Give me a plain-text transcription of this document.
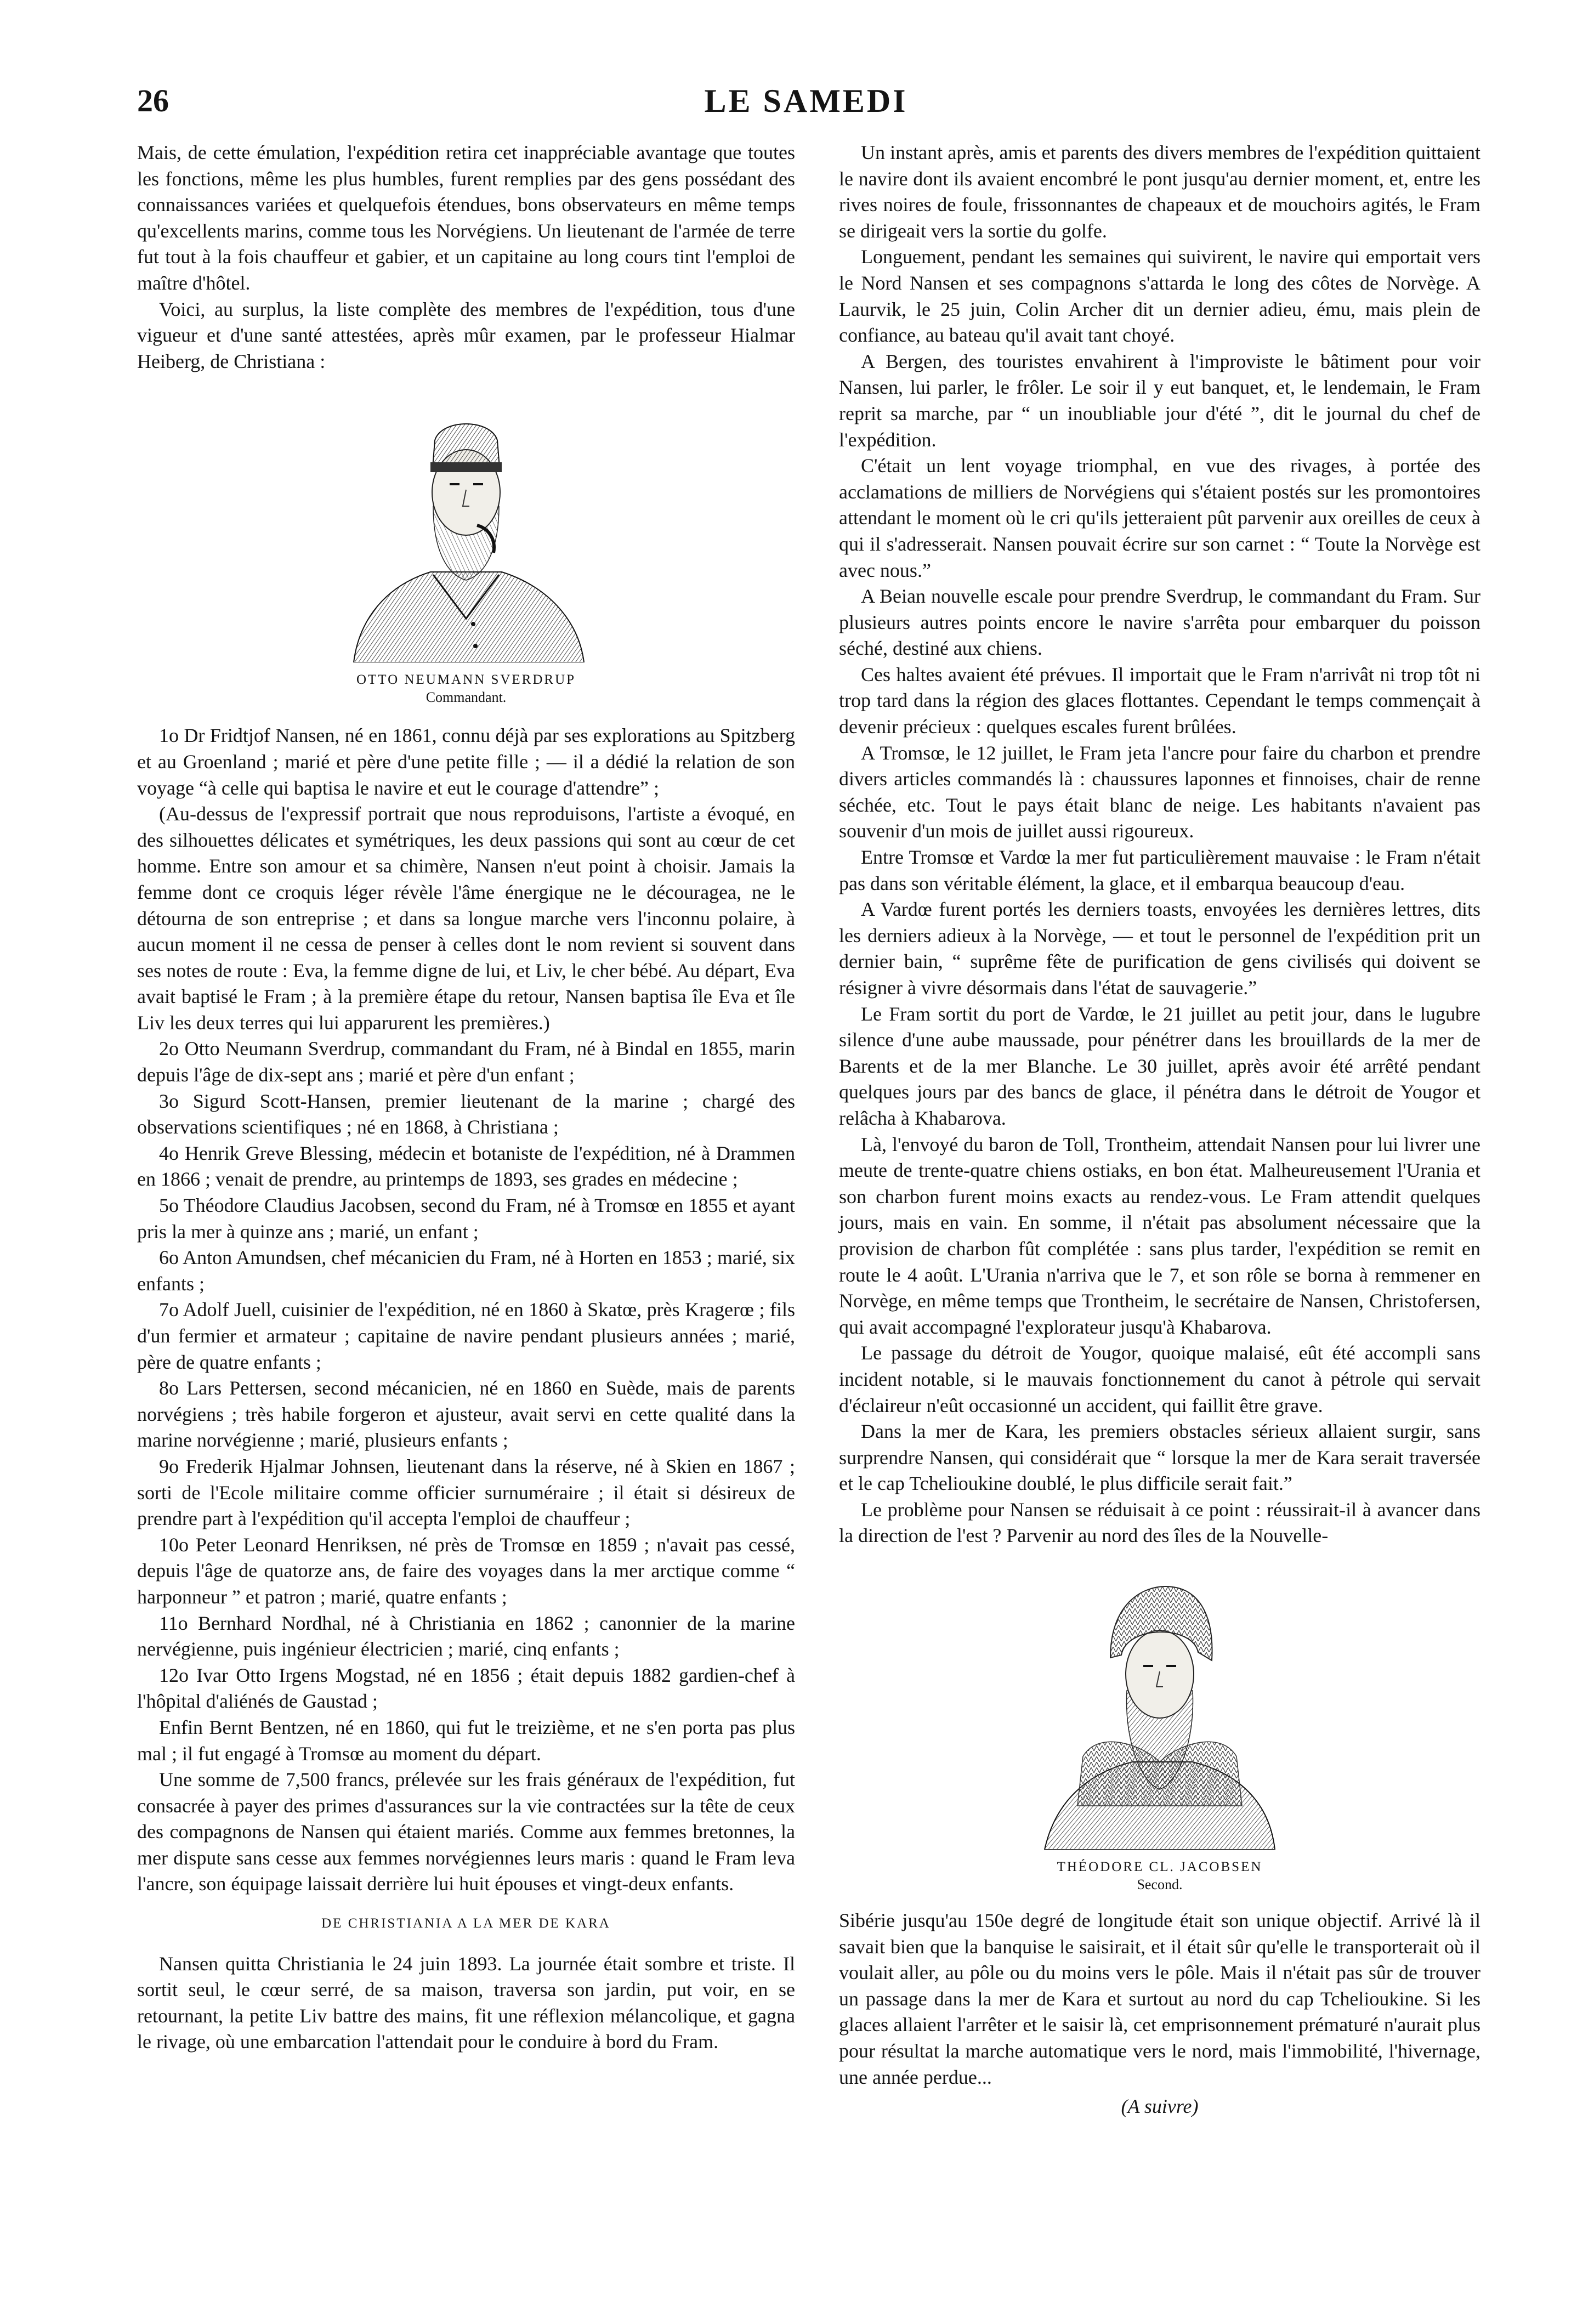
26	LE SAMEDI

Mais, de cette émulation, l'expédition retira cet inappréciable avantage que toutes les fonctions, même les plus humbles, furent remplies par des gens possédant des connaissances variées et quelquefois étendues, bons observateurs en même temps qu'excellents marins, comme tous les Norvégiens. Un lieutenant de l'armée de terre fut tout à la fois chauffeur et gabier, et un capitaine au long cours tint l'emploi de maître d'hôtel.

Voici, au surplus, la liste complète des membres de l'expédition, tous d'une vigueur et d'une santé attestées, après mûr examen, par le professeur Hialmar Heiberg, de Christiana :

OTTO NEUMANN SVERDRUP
Commandant.

1o Dr Fridtjof Nansen, né en 1861, connu déjà par ses explorations au Spitzberg et au Groenland ; marié et père d'une petite fille ; — il a dédié la relation de son voyage “à celle qui baptisa le navire et eut le courage d'attendre” ;

(Au-dessus de l'expressif portrait que nous reproduisons, l'artiste a évoqué, en des silhouettes délicates et symétriques, les deux passions qui sont au cœur de cet homme. Entre son amour et sa chimère, Nansen n'eut point à choisir. Jamais la femme dont ce croquis léger révèle l'âme énergique ne le découragea, ne le détourna de son entreprise ; et dans sa longue marche vers l'inconnu polaire, à aucun moment il ne cessa de penser à celles dont le nom revient si souvent dans ses notes de route : Eva, la femme digne de lui, et Liv, le cher bébé. Au départ, Eva avait baptisé le Fram ; à la première étape du retour, Nansen baptisa île Eva et île Liv les deux terres qui lui apparurent les premières.)

2o Otto Neumann Sverdrup, commandant du Fram, né à Bindal en 1855, marin depuis l'âge de dix-sept ans ; marié et père d'un enfant ;

3o Sigurd Scott-Hansen, premier lieutenant de la marine ; chargé des observations scientifiques ; né en 1868, à Christiana ;

4o Henrik Greve Blessing, médecin et botaniste de l'expédition, né à Drammen en 1866 ; venait de prendre, au printemps de 1893, ses grades en médecine ;

5o Théodore Claudius Jacobsen, second du Fram, né à Tromsœ en 1855 et ayant pris la mer à quinze ans ; marié, un enfant ;

6o Anton Amundsen, chef mécanicien du Fram, né à Horten en 1853 ; marié, six enfants ;

7o Adolf Juell, cuisinier de l'expédition, né en 1860 à Skatœ, près Kragerœ ; fils d'un fermier et armateur ; capitaine de navire pendant plusieurs années ; marié, père de quatre enfants ;

8o Lars Pettersen, second mécanicien, né en 1860 en Suède, mais de parents norvégiens ; très habile forgeron et ajusteur, avait servi en cette qualité dans la marine norvégienne ; marié, plusieurs enfants ;

9o Frederik Hjalmar Johnsen, lieutenant dans la réserve, né à Skien en 1867 ; sorti de l'Ecole militaire comme officier surnuméraire ; il était si désireux de prendre part à l'expédition qu'il accepta l'emploi de chauffeur ;

10o Peter Leonard Henriksen, né près de Tromsœ en 1859 ; n'avait pas cessé, depuis l'âge de quatorze ans, de faire des voyages dans la mer arctique comme “ harponneur ” et patron ; marié, quatre enfants ;

11o Bernhard Nordhal, né à Christiania en 1862 ; canonnier de la marine nervégienne, puis ingénieur électricien ; marié, cinq enfants ;

12o Ivar Otto Irgens Mogstad, né en 1856 ; était depuis 1882 gardien-chef à l'hôpital d'aliénés de Gaustad ;

Enfin Bernt Bentzen, né en 1860, qui fut le treizième, et ne s'en porta pas plus mal ; il fut engagé à Tromsœ au moment du départ.

Une somme de 7,500 francs, prélevée sur les frais généraux de l'expédition, fut consacrée à payer des primes d'assurances sur la vie contractées sur la tête de ceux des compagnons de Nansen qui étaient mariés. Comme aux femmes bretonnes, la mer dispute sans cesse aux femmes norvégiennes leurs maris : quand le Fram leva l'ancre, son équipage laissait derrière lui huit épouses et vingt-deux enfants.

DE CHRISTIANIA A LA MER DE KARA

Nansen quitta Christiania le 24 juin 1893. La journée était sombre et triste. Il sortit seul, le cœur serré, de sa maison, traversa son jardin, put voir, en se retournant, la petite Liv battre des mains, fit une réflexion mélancolique, et gagna le rivage, où une embarcation l'attendait pour le conduire à bord du Fram.

Un instant après, amis et parents des divers membres de l'expédition quittaient le navire dont ils avaient encombré le pont jusqu'au dernier moment, et, entre les rives noires de foule, frissonnantes de chapeaux et de mouchoirs agités, le Fram se dirigeait vers la sortie du golfe.

Longuement, pendant les semaines qui suivirent, le navire qui emportait vers le Nord Nansen et ses compagnons s'attarda le long des côtes de Norvège. A Laurvik, le 25 juin, Colin Archer dit un dernier adieu, ému, mais plein de confiance, au bateau qu'il avait tant choyé.

A Bergen, des touristes envahirent à l'improviste le bâtiment pour voir Nansen, lui parler, le frôler. Le soir il y eut banquet, et, le lendemain, le Fram reprit sa marche, par “ un inoubliable jour d'été ”, dit le journal du chef de l'expédition.

C'était un lent voyage triomphal, en vue des rivages, à portée des acclamations de milliers de Norvégiens qui s'étaient postés sur les promontoires attendant le moment où le cri qu'ils jetteraient pût parvenir aux oreilles de ceux à qui il s'adresserait. Nansen pouvait écrire sur son carnet : “ Toute la Norvège est avec nous.”

A Beian nouvelle escale pour prendre Sverdrup, le commandant du Fram. Sur plusieurs autres points encore le navire s'arrêta pour embarquer du poisson séché, destiné aux chiens.

Ces haltes avaient été prévues. Il importait que le Fram n'arrivât ni trop tôt ni trop tard dans la région des glaces flottantes. Cependant le temps commençait à devenir précieux : quelques escales furent brûlées.

A Tromsœ, le 12 juillet, le Fram jeta l'ancre pour faire du charbon et prendre divers articles commandés là : chaussures laponnes et finnoises, chair de renne séchée, etc. Tout le pays était blanc de neige. Les habitants n'avaient pas souvenir d'un mois de juillet aussi rigoureux.

Entre Tromsœ et Vardœ la mer fut particulièrement mauvaise : le Fram n'était pas dans son véritable élément, la glace, et il embarqua beaucoup d'eau.

A Vardœ furent portés les derniers toasts, envoyées les dernières lettres, dits les derniers adieux à la Norvège, — et tout le personnel de l'expédition prit un dernier bain, “ suprême fête de purification de gens civilisés qui doivent se résigner à vivre désormais dans l'état de sauvagerie.”

Le Fram sortit du port de Vardœ, le 21 juillet au petit jour, dans le lugubre silence d'une aube maussade, pour pénétrer dans les brouillards de la mer de Barents et de la mer Blanche. Le 30 juillet, après avoir été arrêté pendant quelques jours par des bancs de glace, il pénétra dans le détroit de Yougor et relâcha à Khabarova.

Là, l'envoyé du baron de Toll, Trontheim, attendait Nansen pour lui livrer une meute de trente-quatre chiens ostiaks, en bon état. Malheureusement l'Urania et son charbon furent moins exacts au rendez-vous. Le Fram attendit quelques jours, mais en vain. En somme, il n'était pas absolument nécessaire que la provision de charbon fût complétée : sans plus tarder, l'expédition se remit en route le 4 août. L'Urania n'arriva que le 7, et son rôle se borna à remmener en Norvège, en même temps que Trontheim, le secrétaire de Nansen, Christofersen, qui avait accompagné l'explorateur jusqu'à Khabarova.

Le passage du détroit de Yougor, quoique malaisé, eût été accompli sans incident notable, si le mauvais fonctionnement du canot à pétrole qui servait d'éclaireur n'eût occasionné un accident, qui faillit être grave.

Dans la mer de Kara, les premiers obstacles sérieux allaient surgir, sans surprendre Nansen, qui considérait que “ lorsque la mer de Kara serait traversée et le cap Tchelioukine doublé, le plus difficile serait fait.”

Le problème pour Nansen se réduisait à ce point : réussirait-il à avancer dans la direction de l'est ? Parvenir au nord des îles de la Nouvelle-

THÉODORE CL. JACOBSEN
Second.

Sibérie jusqu'au 150e degré de longitude était son unique objectif. Arrivé là il savait bien que la banquise le saisirait, et il était sûr qu'elle le transporterait où il voulait aller, au pôle ou du moins vers le pôle. Mais il n'était pas sûr de trouver un passage dans la mer de Kara et surtout au nord du cap Tchelioukine. Si les glaces allaient l'arrêter et le saisir là, cet emprisonnement prématuré n'aurait plus pour résultat la marche automatique vers le nord, mais l'immobilité, l'hivernage, une année perdue...

(A suivre)
